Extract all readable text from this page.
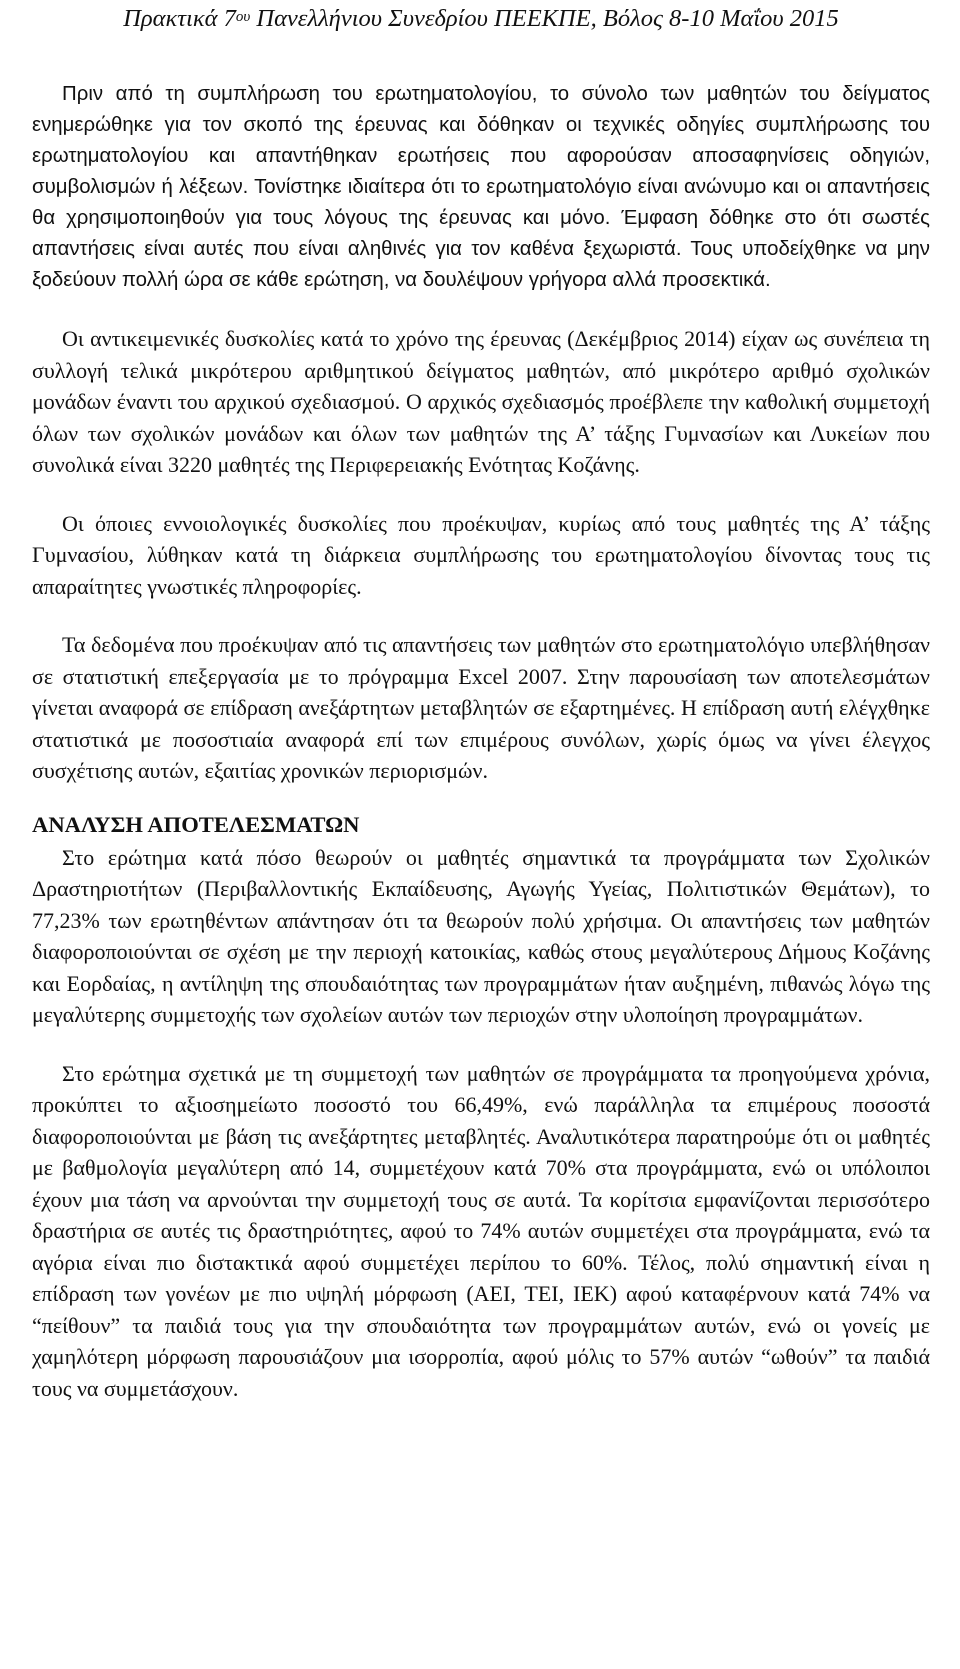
Πρακτικά $7^{o\upsilon}$ Πανελλήνιου Συνεδρίου ΠΕΕΚΠΕ, Βόλος 8-10 Μαΐου 2015

Πριν από τη συμπλήρωση του ερωτηματολογίου, το σύνολο των μαθητών του δείγματος ενημερώθηκε για τον σκοπό της έρευνας και δόθηκαν οι τεχνικές οδηγίες συμπλήρωσης του ερωτηματολογίου και απαντήθηκαν ερωτήσεις που αφορούσαν αποσαφηνίσεις οδηγιών, συμβολισμών ή λέξεων. Τονίστηκε ιδιαίτερα ότι το ερωτηματολόγιο είναι ανώνυμο και οι απαντήσεις θα χρησιμοποιηθούν για τους λόγους της έρευνας και μόνο. Έμφαση δόθηκε στο ότι σωστές απαντήσεις είναι αυτές που είναι αληθινές για τον καθένα ξεχωριστά. Τους υποδείχθηκε να μην ξοδεύουν πολλή ώρα σε κάθε ερώτηση, να δουλέψουν γρήγορα αλλά προσεκτικά.

Οι αντικειμενικές δυσκολίες κατά το χρόνο της έρευνας (Δεκέμβριος 2014) είχαν ως συνέπεια τη συλλογή τελικά μικρότερου αριθμητικού δείγματος μαθητών, από μικρότερο αριθμό σχολικών μονάδων έναντι του αρχικού σχεδιασμού. Ο αρχικός σχεδιασμός προέβλεπε την καθολική συμμετοχή όλων των σχολικών μονάδων και όλων των μαθητών της Α’ τάξης Γυμνασίων και Λυκείων που συνολικά είναι 3220 μαθητές της Περιφερειακής Ενότητας Κοζάνης.

Οι όποιες εννοιολογικές δυσκολίες που προέκυψαν, κυρίως από τους μαθητές της Α’ τάξης Γυμνασίου, λύθηκαν κατά τη διάρκεια συμπλήρωσης του ερωτηματολογίου δίνοντας τους τις απαραίτητες γνωστικές πληροφορίες.

Τα δεδομένα που προέκυψαν από τις απαντήσεις των μαθητών στο ερωτηματολόγιο υπεβλήθησαν σε στατιστική επεξεργασία με το πρόγραμμα Excel 2007. Στην παρουσίαση των αποτελεσμάτων γίνεται αναφορά σε επίδραση ανεξάρτητων μεταβλητών σε εξαρτημένες. Η επίδραση αυτή ελέγχθηκε στατιστικά με ποσοστιαία αναφορά επί των επιμέρους συνόλων, χωρίς όμως να γίνει έλεγχος συσχέτισης αυτών, εξαιτίας χρονικών περιορισμών.

ΑΝΑΛΥΣΗ ΑΠΟΤΕΛΕΣΜΑΤΩΝ

Στο ερώτημα κατά πόσο θεωρούν οι μαθητές σημαντικά τα προγράμματα των Σχολικών Δραστηριοτήτων (Περιβαλλοντικής Εκπαίδευσης, Αγωγής Υγείας, Πολιτιστικών Θεμάτων), το 77,23% των ερωτηθέντων απάντησαν ότι τα θεωρούν πολύ χρήσιμα. Οι απαντήσεις των μαθητών διαφοροποιούνται σε σχέση με την περιοχή κατοικίας, καθώς στους μεγαλύτερους Δήμους Κοζάνης και Εορδαίας, η αντίληψη της σπουδαιότητας των προγραμμάτων ήταν αυξημένη, πιθανώς λόγω της μεγαλύτερης συμμετοχής των σχολείων αυτών των περιοχών στην υλοποίηση προγραμμάτων.

Στο ερώτημα σχετικά με τη συμμετοχή των μαθητών σε προγράμματα τα προηγούμενα χρόνια, προκύπτει το αξιοσημείωτο ποσοστό του 66,49%, ενώ παράλληλα τα επιμέρους ποσοστά διαφοροποιούνται με βάση τις ανεξάρτητες μεταβλητές. Αναλυτικότερα παρατηρούμε ότι οι μαθητές με βαθμολογία μεγαλύτερη από 14, συμμετέχουν κατά 70% στα προγράμματα, ενώ οι υπόλοιποι έχουν μια τάση να αρνούνται την συμμετοχή τους σε αυτά. Τα κορίτσια εμφανίζονται περισσότερο δραστήρια σε αυτές τις δραστηριότητες, αφού το 74% αυτών συμμετέχει στα προγράμματα, ενώ τα αγόρια είναι πιο διστακτικά αφού συμμετέχει περίπου το 60%. Τέλος, πολύ σημαντική είναι η επίδραση των γονέων με πιο υψηλή μόρφωση (ΑΕΙ, ΤΕΙ, ΙΕΚ) αφού καταφέρνουν κατά 74% να “πείθουν” τα παιδιά τους για την σπουδαιότητα των προγραμμάτων αυτών, ενώ οι γονείς με χαμηλότερη μόρφωση παρουσιάζουν μια ισορροπία, αφού μόλις το 57% αυτών “ωθούν” τα παιδιά τους να συμμετάσχουν.
